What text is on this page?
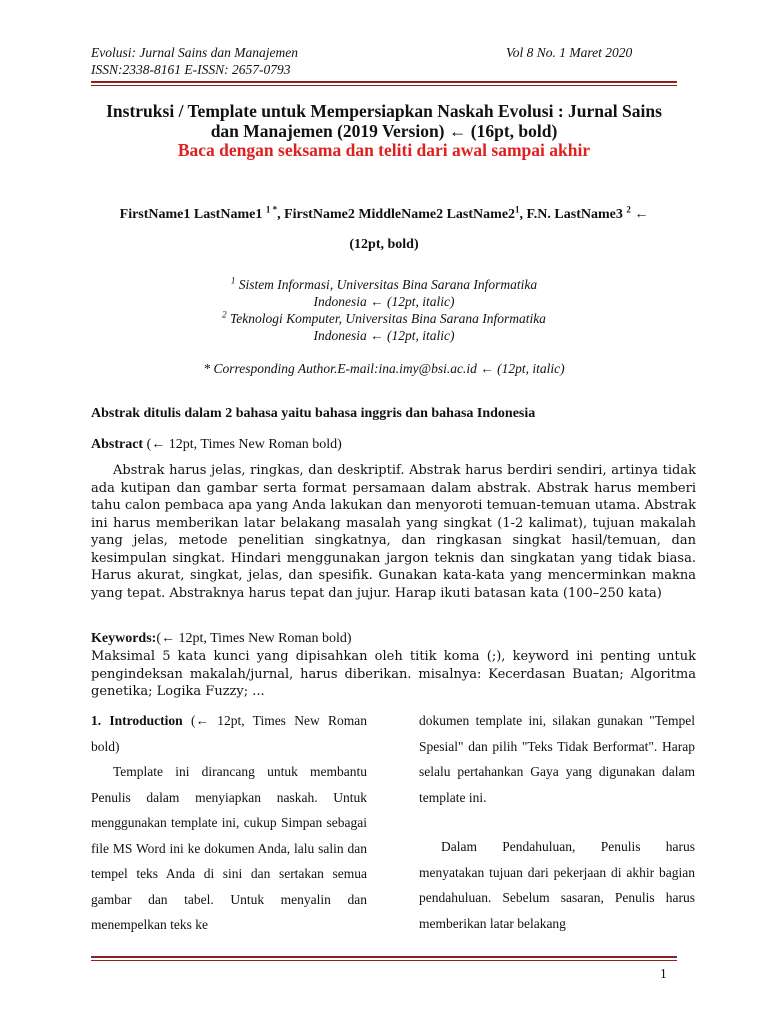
Evolusi: Jurnal Sains dan Manajemen
ISSN:2338-8161 E-ISSN: 2657-0793
Vol 8 No. 1 Maret 2020
Instruksi / Template untuk Mempersiapkan Naskah Evolusi : Jurnal Sains
dan Manajemen (2019 Version) ← (16pt, bold)
Baca dengan seksama dan teliti dari awal sampai akhir
FirstName1 LastName1 $^{1 *}$, FirstName2 MiddleName2 $LastName2^1$, F.N. LastName3 $^2$ ←
(12pt, bold)
$^1$ Sistem Informasi, Universitas Bina Sarana Informatika
Indonesia ← (12pt, italic)
$^2$ Teknologi Komputer, Universitas Bina Sarana Informatika
Indonesia ← (12pt, italic)
* Corresponding Author.E-mail:ina.imy@bsi.ac.id ← (12pt, italic)
Abstrak ditulis dalam 2 bahasa yaitu bahasa inggris dan bahasa Indonesia
Abstract (← 12pt, Times New Roman bold)
Abstrak harus jelas, ringkas, dan deskriptif. Abstrak harus berdiri sendiri, artinya tidak ada kutipan dan gambar serta format persamaan dalam abstrak. Abstrak harus memberi tahu calon pembaca apa yang Anda lakukan dan menyoroti temuan-temuan utama. Abstrak ini harus memberikan latar belakang masalah yang singkat (1-2 kalimat), tujuan makalah yang jelas, metode penelitian singkatnya, dan ringkasan singkat hasil/temuan, dan kesimpulan singkat. Hindari menggunakan jargon teknis dan singkatan yang tidak biasa. Harus akurat, singkat, jelas, dan spesifik. Gunakan kata-kata yang mencerminkan makna yang tepat. Abstraknya harus tepat dan jujur. Harap ikuti batasan kata (100–250 kata)
Keywords:(← 12pt, Times New Roman bold)
Maksimal 5 kata kunci yang dipisahkan oleh titik koma (;), keyword ini penting untuk pengindeksan makalah/jurnal, harus diberikan. misalnya: Kecerdasan Buatan; Algoritma genetika; Logika Fuzzy; ...

1. Introduction (← 12pt, Times New Roman bold)

Template ini dirancang untuk membantu Penulis dalam menyiapkan naskah. Untuk menggunakan template ini, cukup Simpan sebagai file MS Word ini ke dokumen Anda, lalu salin dan tempel teks Anda di sini dan sertakan semua gambar dan tabel. Untuk menyalin dan menempelkan teks ke

dokumen template ini, silakan gunakan "Tempel Spesial" dan pilih "Teks Tidak Berformat". Harap selalu pertahankan Gaya yang digunakan dalam template ini.

Dalam Pendahuluan, Penulis harus menyatakan tujuan dari pekerjaan di akhir bagian pendahuluan. Sebelum sasaran, Penulis harus memberikan latar belakang

1
